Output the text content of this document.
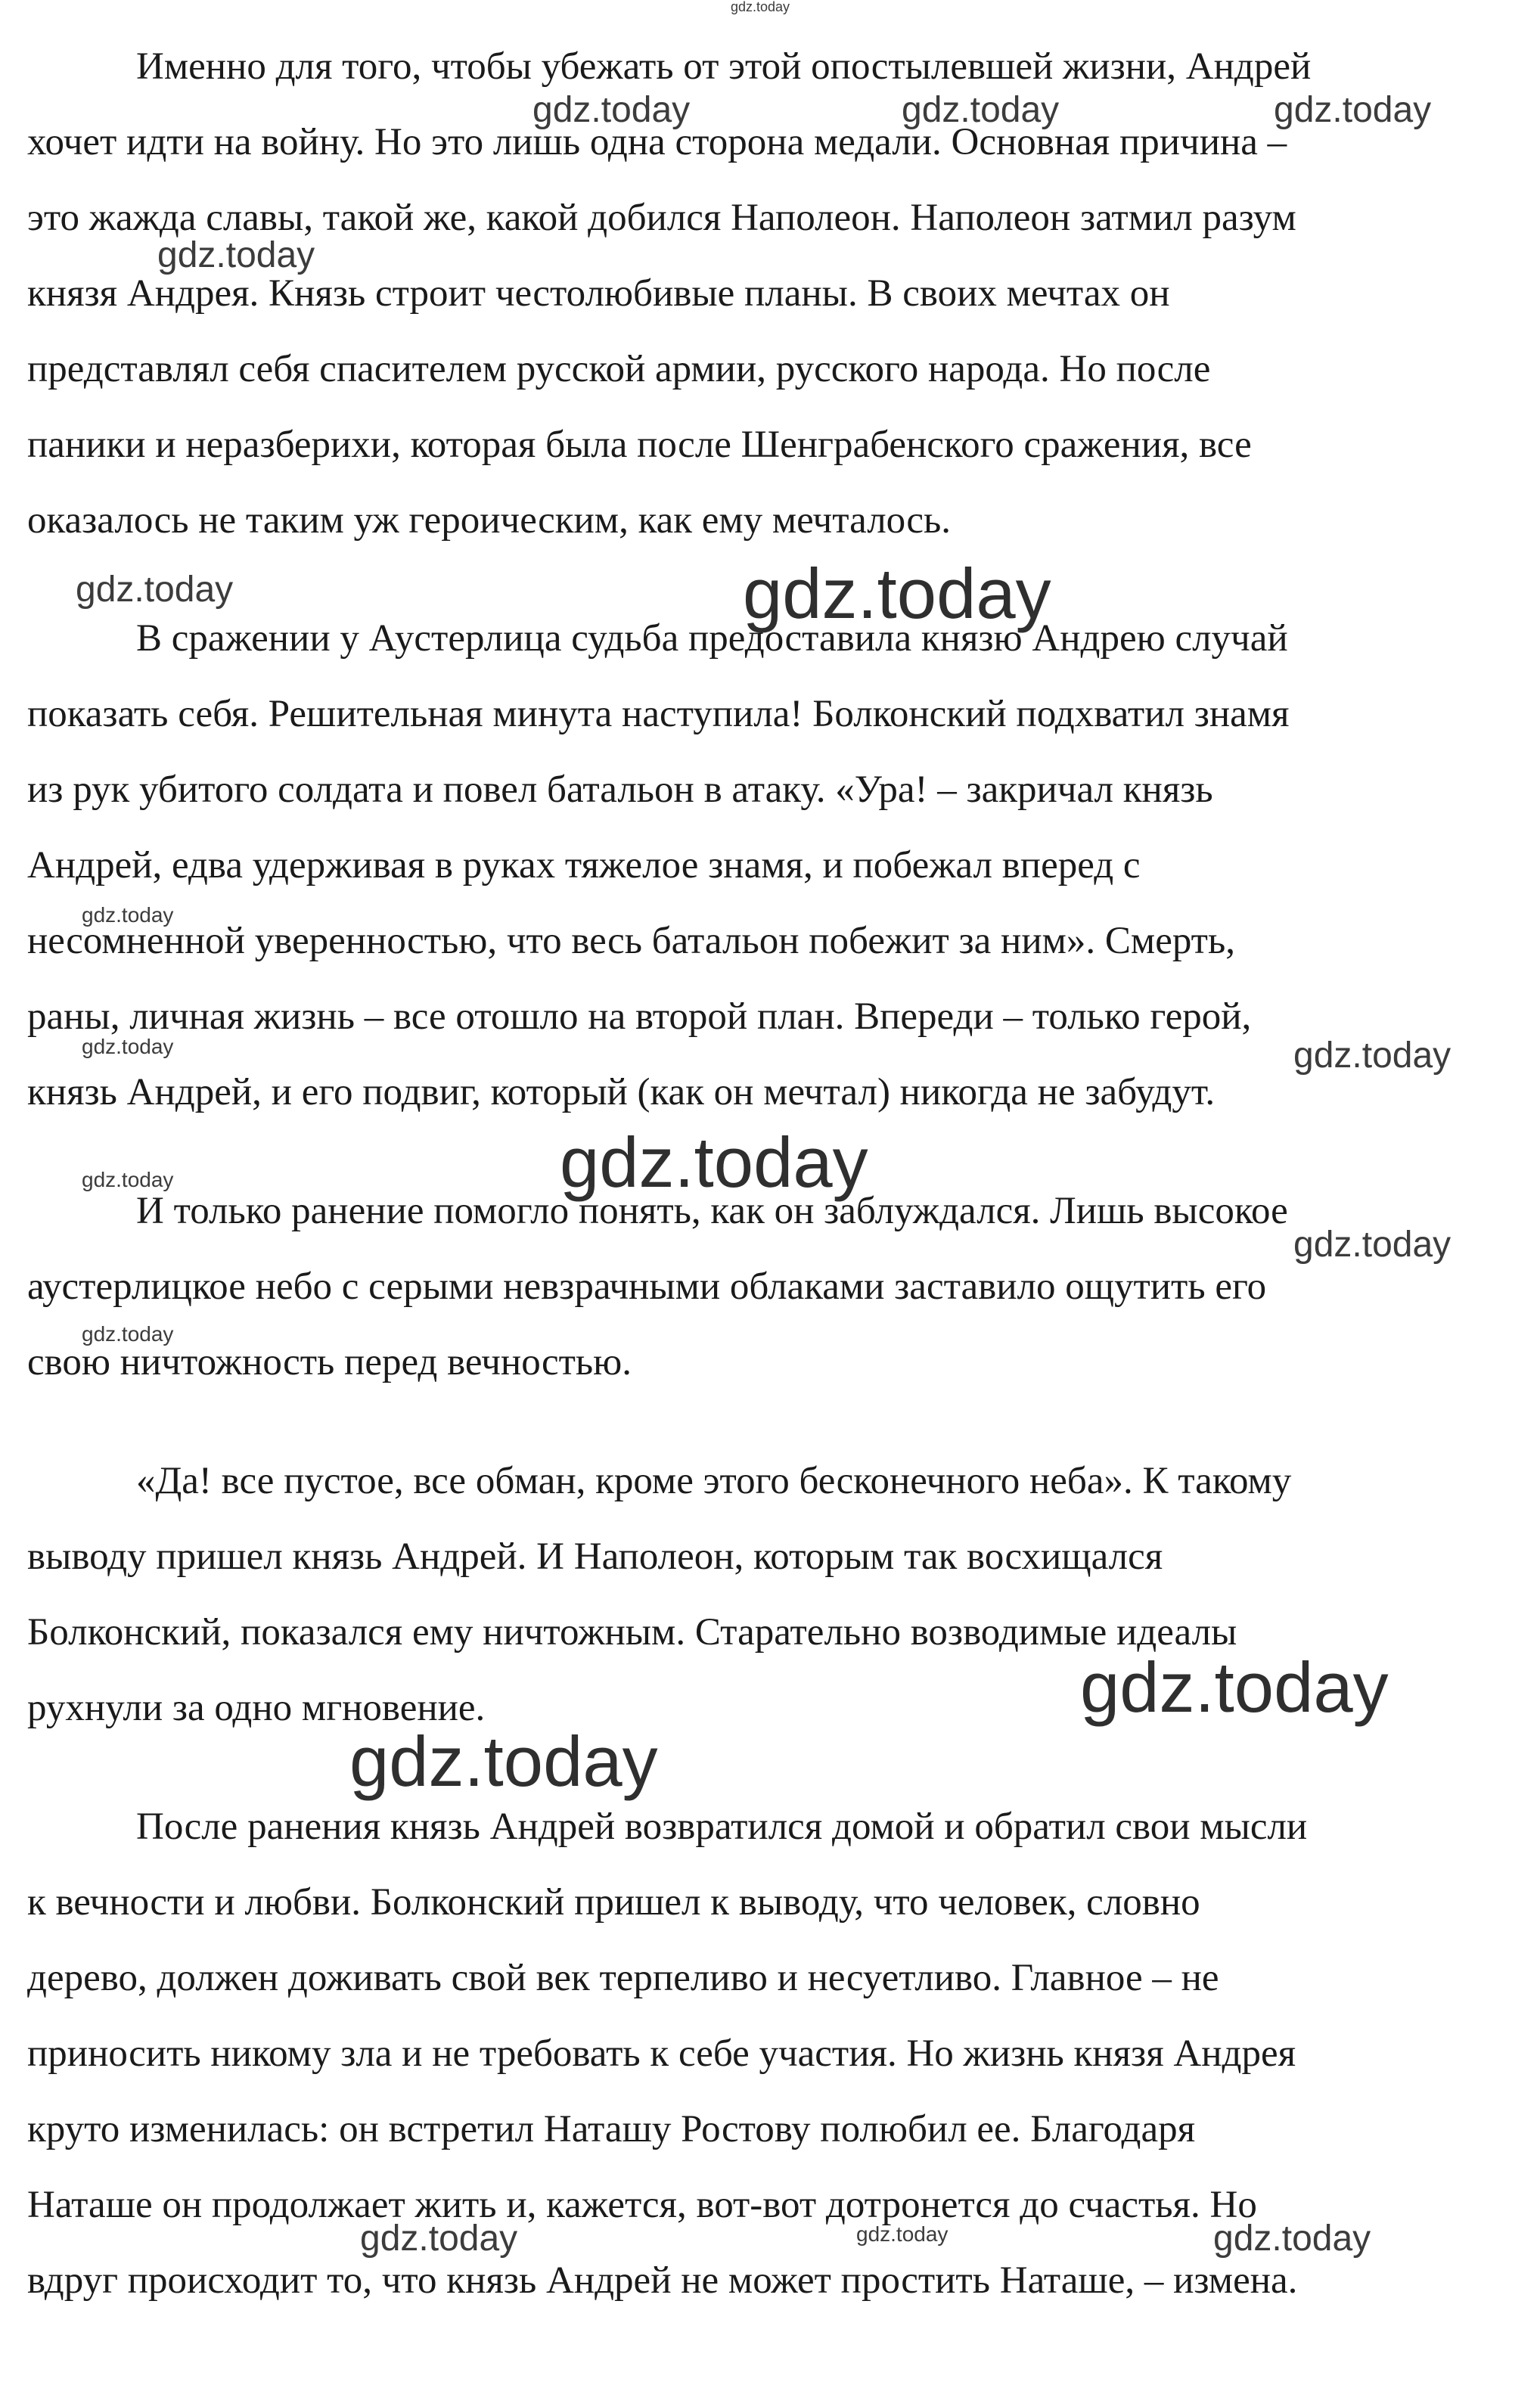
Именно для того, чтобы убежать от этой опостылевшей жизни, Андрей
хочет идти на войну. Но это лишь одна сторона медали. Основная причина –
это жажда славы, такой же, какой добился Наполеон. Наполеон затмил разум
князя Андрея. Князь строит честолюбивые планы. В своих мечтах он
представлял себя спасителем русской армии, русского народа. Но после
паники и неразберихи, которая была после Шенграбенского сражения, все
оказалось не таким уж героическим, как ему мечталось.

В сражении у Аустерлица судьба предоставила князю Андрею случай
показать себя. Решительная минута наступила! Болконский подхватил знамя
из рук убитого солдата и повел батальон в атаку. «Ура! – закричал князь
Андрей, едва удерживая в руках тяжелое знамя, и побежал вперед с
несомненной уверенностью, что весь батальон побежит за ним». Смерть,
раны, личная жизнь – все отошло на второй план. Впереди – только герой,
князь Андрей, и его подвиг, который (как он мечтал) никогда не забудут.

И только ранение помогло понять, как он заблуждался. Лишь высокое
аустерлицкое небо с серыми невзрачными облаками заставило ощутить его
свою ничтожность перед вечностью.

«Да! все пустое, все обман, кроме этого бесконечного неба». К такому
выводу пришел князь Андрей. И Наполеон, которым так восхищался
Болконский, показался ему ничтожным. Старательно возводимые идеалы
рухнули за одно мгновение.

После ранения князь Андрей возвратился домой и обратил свои мысли
к вечности и любви. Болконский пришел к выводу, что человек, словно
дерево, должен доживать свой век терпеливо и несуетливо. Главное – не
приносить никому зла и не требовать к себе участия. Но жизнь князя Андрея
круто изменилась: он встретил Наташу Ростову полюбил ее. Благодаря
Наташе он продолжает жить и, кажется, вот-вот дотронется до счастья. Но
вдруг происходит то, что князь Андрей не может простить Наташе, – измена.

gdz.today
gdz.today	gdz.today	gdz.today
gdz.today
gdz.today	gdz.today
gdz.today
gdz.today	gdz.today
gdz.today
gdz.today
gdz.today
gdz.today
gdz.today
gdz.today
gdz.today	gdz.today	gdz.today
